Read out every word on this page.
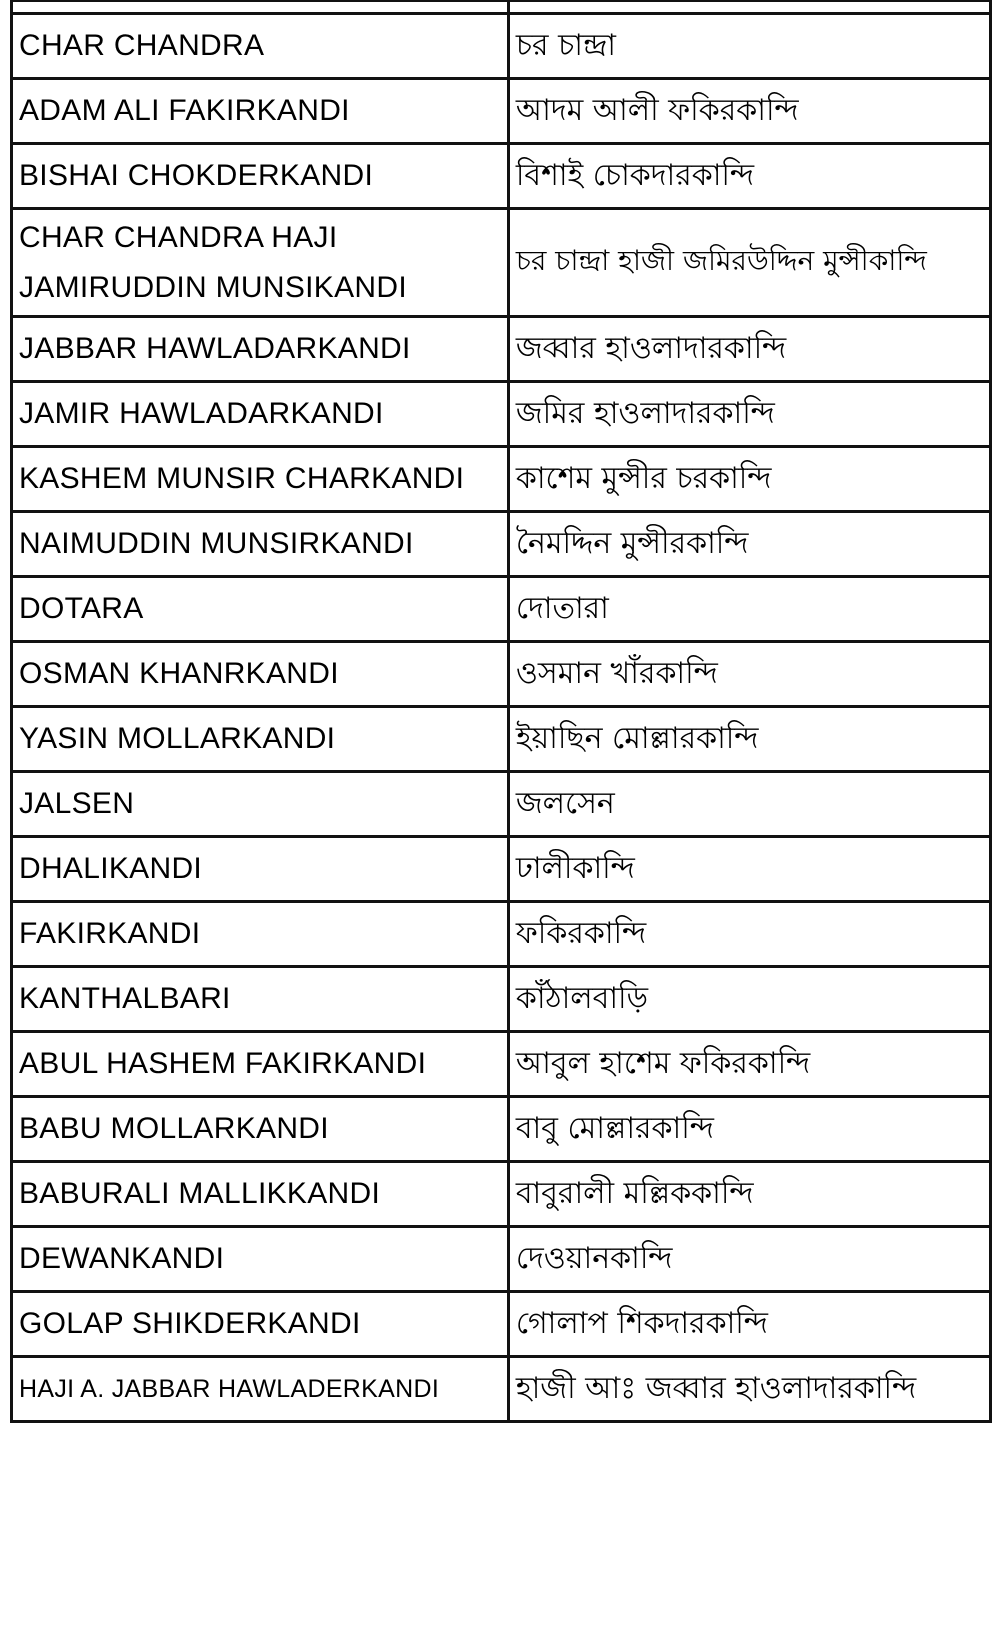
CHAR CHANDRA	চর চান্দ্রা
ADAM ALI FAKIRKANDI	আদম আলী ফকিরকান্দি
BISHAI CHOKDERKANDI	বিশাই চোকদারকান্দি
CHAR CHANDRA HAJI JAMIRUDDIN MUNSIKANDI	চর চান্দ্রা হাজী জমিরউদ্দিন মুন্সীকান্দি
JABBAR HAWLADARKANDI	জব্বার হাওলাদারকান্দি
JAMIR HAWLADARKANDI	জমির হাওলাদারকান্দি
KASHEM MUNSIR CHARKANDI	কাশেম মুন্সীর চরকান্দি
NAIMUDDIN MUNSIRKANDI	নৈমদ্দিন মুন্সীরকান্দি
DOTARA	দোতারা
OSMAN KHANRKANDI	ওসমান খাঁরকান্দি
YASIN MOLLARKANDI	ইয়াছিন মোল্লারকান্দি
JALSEN	জলসেন
DHALIKANDI	ঢালীকান্দি
FAKIRKANDI	ফকিরকান্দি
KANTHALBARI	কাঁঠালবাড়ি
ABUL HASHEM FAKIRKANDI	আবুল হাশেম ফকিরকান্দি
BABU MOLLARKANDI	বাবু মোল্লারকান্দি
BABURALI MALLIKKANDI	বাবুরালী মল্লিককান্দি
DEWANKANDI	দেওয়ানকান্দি
GOLAP SHIKDERKANDI	গোলাপ শিকদারকান্দি
HAJI A. JABBAR HAWLADERKANDI	হাজী আঃ জব্বার হাওলাদারকান্দি
